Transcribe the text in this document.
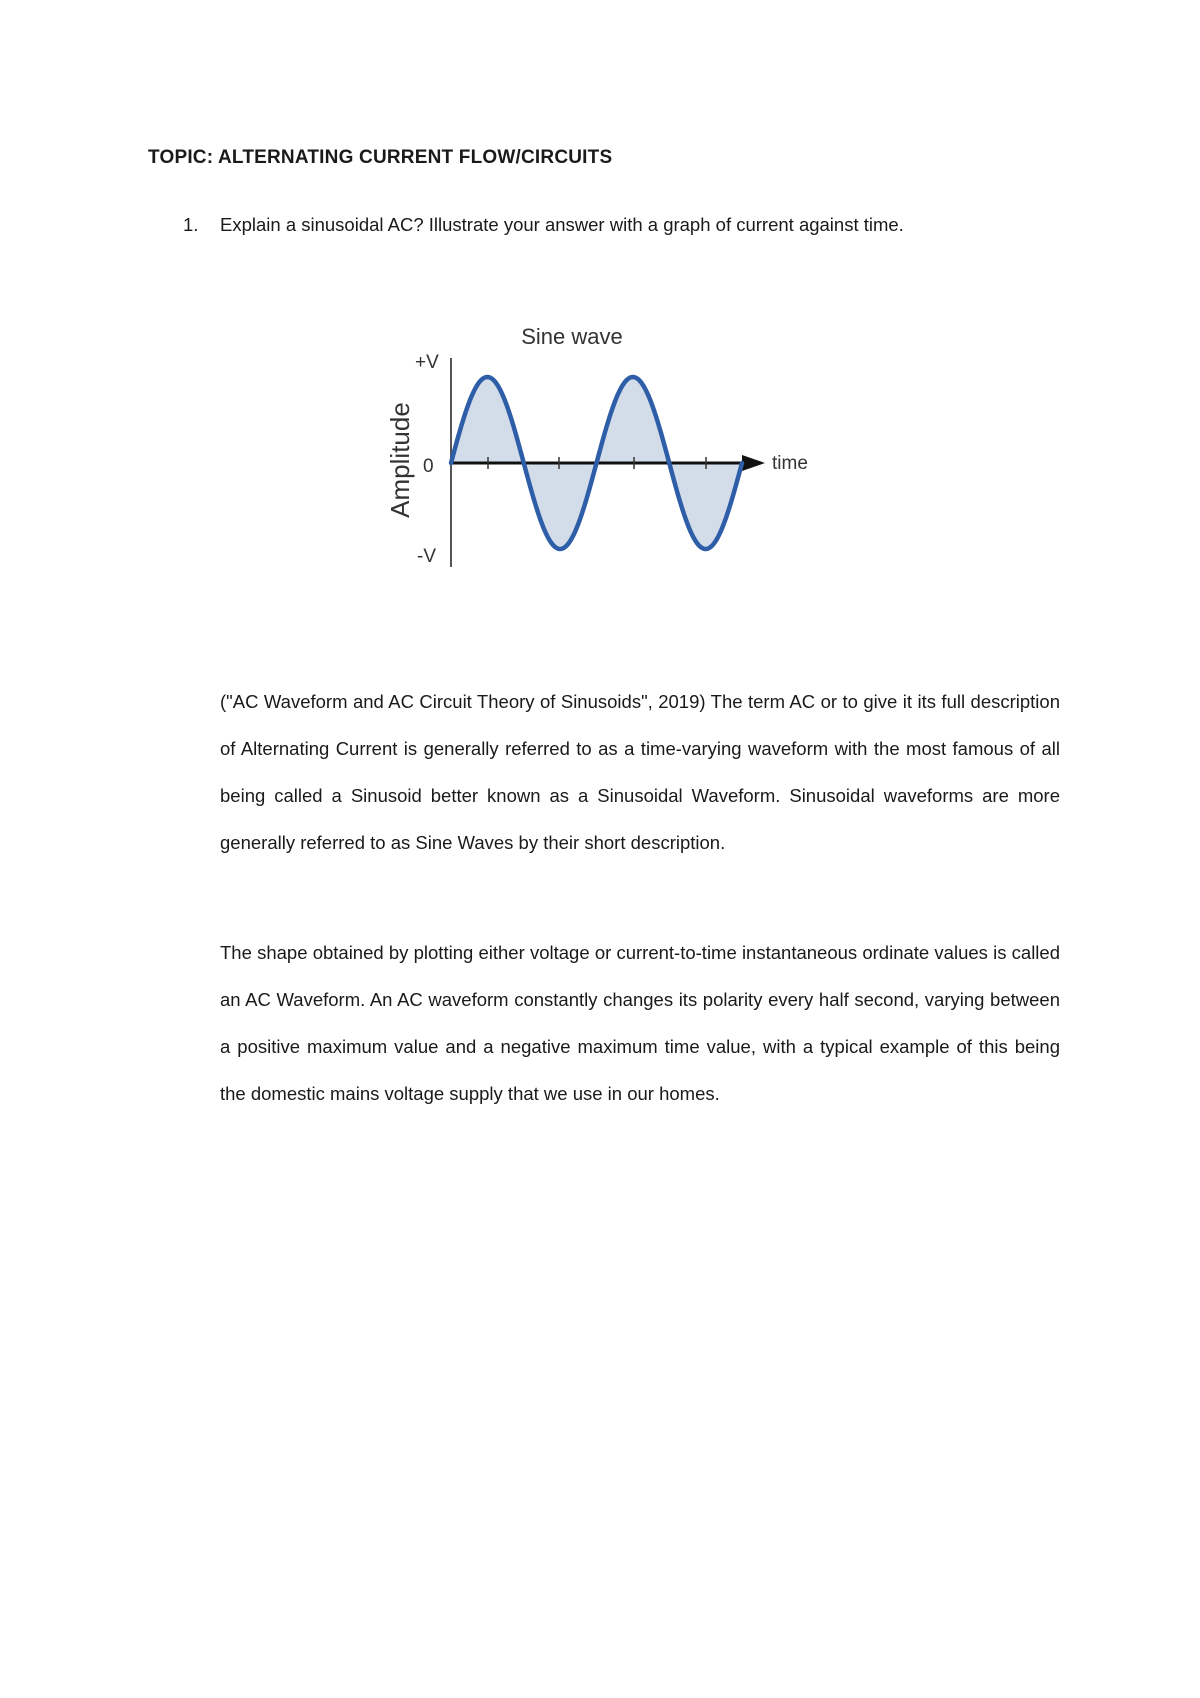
TOPIC: ALTERNATING CURRENT FLOW/CIRCUITS
1. Explain a sinusoidal AC? Illustrate your answer with a graph of current against time.
Sine wave
Amplitude
+V
0
-V
time

("AC Waveform and AC Circuit Theory of Sinusoids", 2019) The term AC or to give it its full description of Alternating Current is generally referred to as a time-varying waveform with the most famous of all being called a Sinusoid better known as a Sinusoidal Waveform. Sinusoidal waveforms are more generally referred to as Sine Waves by their short description.

The shape obtained by plotting either voltage or current-to-time instantaneous ordinate values is called an AC Waveform. An AC waveform constantly changes its polarity every half second, varying between a positive maximum value and a negative maximum time value, with a typical example of this being the domestic mains voltage supply that we use in our homes.
